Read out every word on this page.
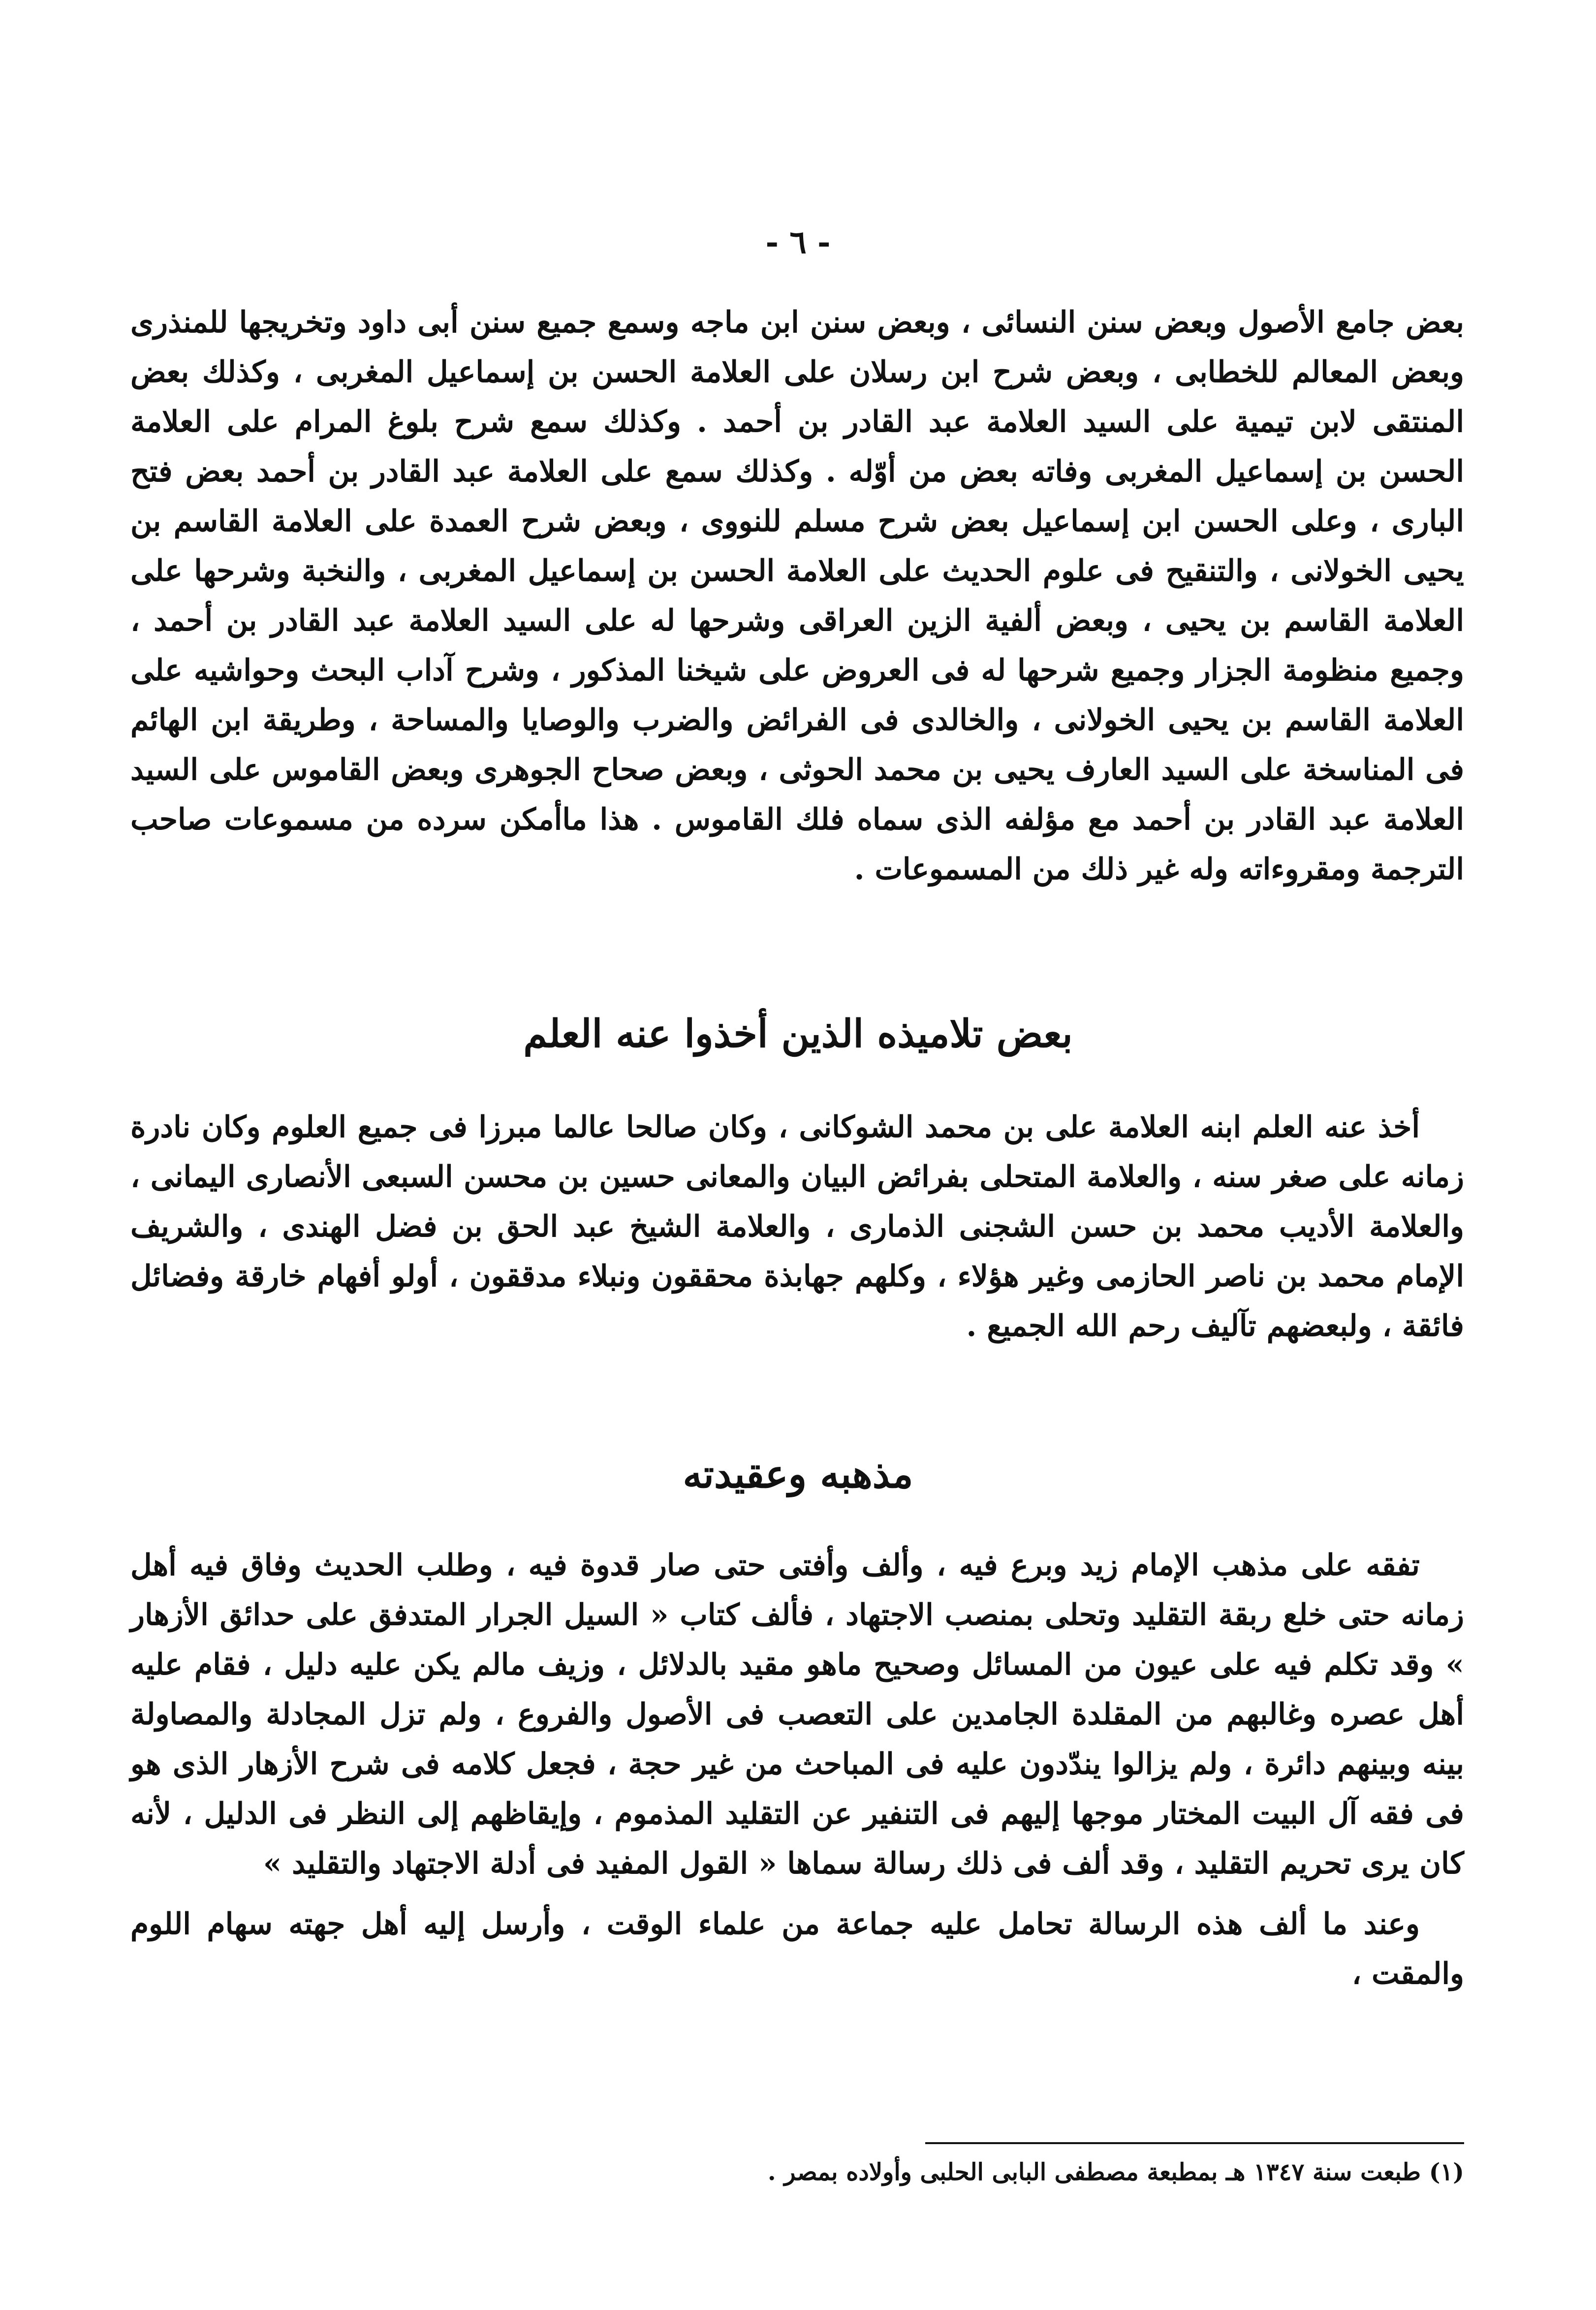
- ٦ -

بعض جامع الأصول وبعض سنن النسائى ، وبعض سنن ابن ماجه وسمع جميع سنن أبى داود وتخريجها للمنذرى وبعض المعالم للخطابى ، وبعض شرح ابن رسلان على العلامة الحسن بن إسماعيل المغربى ، وكذلك بعض المنتقى لابن تيمية على السيد العلامة عبد القادر بن أحمد . وكذلك سمع شرح بلوغ المرام على العلامة الحسن بن إسماعيل المغربى وفاته بعض من أوّله . وكذلك سمع على العلامة عبد القادر بن أحمد بعض فتح البارى ، وعلى الحسن ابن إسماعيل بعض شرح مسلم للنووى ، وبعض شرح العمدة على العلامة القاسم بن يحيى الخولانى ، والتنقيح فى علوم الحديث على العلامة الحسن بن إسماعيل المغربى ، والنخبة وشرحها على العلامة القاسم بن يحيى ، وبعض ألفية الزين العراقى وشرحها له على السيد العلامة عبد القادر بن أحمد ، وجميع منظومة الجزار وجميع شرحها له فى العروض على شيخنا المذكور ، وشرح آداب البحث وحواشيه على العلامة القاسم بن يحيى الخولانى ، والخالدى فى الفرائض والضرب والوصايا والمساحة ، وطريقة ابن الهائم فى المناسخة على السيد العارف يحيى بن محمد الحوثى ، وبعض صحاح الجوهرى وبعض القاموس على السيد العلامة عبد القادر بن أحمد مع مؤلفه الذى سماه فلك القاموس . هذا ماأمكن سرده من مسموعات صاحب الترجمة ومقروءاته وله غير ذلك من المسموعات .

بعض تلاميذه الذين أخذوا عنه العلم

أخذ عنه العلم ابنه العلامة على بن محمد الشوكانى ، وكان صالحا عالما مبرزا فى جميع العلوم وكان نادرة زمانه على صغر سنه ، والعلامة المتحلى بفرائض البيان والمعانى حسين بن محسن السبعى الأنصارى اليمانى ، والعلامة الأديب محمد بن حسن الشجنى الذمارى ، والعلامة الشيخ عبد الحق بن فضل الهندى ، والشريف الإمام محمد بن ناصر الحازمى وغير هؤلاء ، وكلهم جهابذة محققون ونبلاء مدققون ، أولو أفهام خارقة وفضائل فائقة ، ولبعضهم تآليف رحم الله الجميع .

مذهبه وعقيدته

تفقه على مذهب الإمام زيد وبرع فيه ، وألف وأفتى حتى صار قدوة فيه ، وطلب الحديث وفاق فيه أهل زمانه حتى خلع ربقة التقليد وتحلى بمنصب الاجتهاد ، فألف كتاب « السيل الجرار المتدفق على حدائق الأزهار » وقد تكلم فيه على عيون من المسائل وصحيح ماهو مقيد بالدلائل ، وزيف مالم يكن عليه دليل ، فقام عليه أهل عصره وغالبهم من المقلدة الجامدين على التعصب فى الأصول والفروع ، ولم تزل المجادلة والمصاولة بينه وبينهم دائرة ، ولم يزالوا يندّدون عليه فى المباحث من غير حجة ، فجعل كلامه فى شرح الأزهار الذى هو فى فقه آل البيت المختار موجها إليهم فى التنفير عن التقليد المذموم ، وإيقاظهم إلى النظر فى الدليل ، لأنه كان يرى تحريم التقليد ، وقد ألف فى ذلك رسالة سماها « القول المفيد فى أدلة الاجتهاد والتقليد »

وعند ما ألف هذه الرسالة تحامل عليه جماعة من علماء الوقت ، وأرسل إليه أهل جهته سهام اللوم والمقت ،

(١) طبعت سنة ١٣٤٧ هـ بمطبعة مصطفى البابى الحلبى وأولاده بمصر .
